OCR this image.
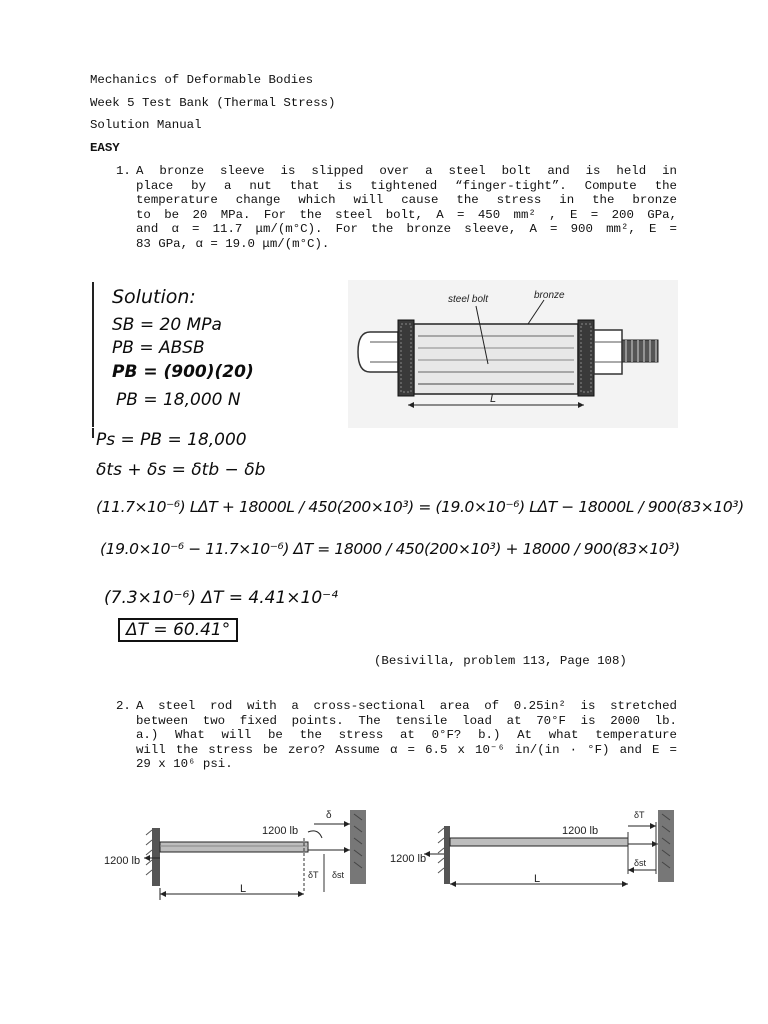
Mechanics of Deformable Bodies
Week 5 Test Bank (Thermal Stress)
Solution Manual
EASY
1. A bronze sleeve is slipped over a steel bolt and is held in
place by a nut that is tightened “finger-tight”. Compute the
temperature change which will cause the stress in the bronze
to be 20 MPa. For the steel bolt, A = 450 mm² , E = 200 GPa,
and α = 11.7 μm/(m°C). For the bronze sleeve, A = 900 mm², E =
83 GPa, α = 19.0 μm/(m°C).
Solution:
SB = 20 MPa
PB = ABSB
PB = (900)(20)
PB = 18,000 N
steel bolt	bronze
L
Ps = PB = 18,000
δts + δs = δtb − δb
(11.7×10⁻⁶) LΔT + 18000L / 450(200×10³) = (19.0×10⁻⁶) LΔT − 18000L / 900(83×10³)
(19.0×10⁻⁶ − 11.7×10⁻⁶) ΔT = 18000 / 450(200×10³) + 18000 / 900(83×10³)
(7.3×10⁻⁶) ΔT = 4.41×10⁻⁴
ΔT = 60.41°
(Besivilla, problem 113, Page 108)
2. A steel rod with a cross-sectional area of 0.25in² is stretched
between two fixed points. The tensile load at 70°F is 2000 lb.
a.) What will be the stress at 0°F? b.) At what temperature
will the stress be zero? Assume α = 6.5 x 10⁻⁶ in/(in · °F) and E =
29 x 10⁶ psi.
1200 lb
1200 lb
δ
δT δst
L
1200 lb
1200 lb
δT
δst
L
